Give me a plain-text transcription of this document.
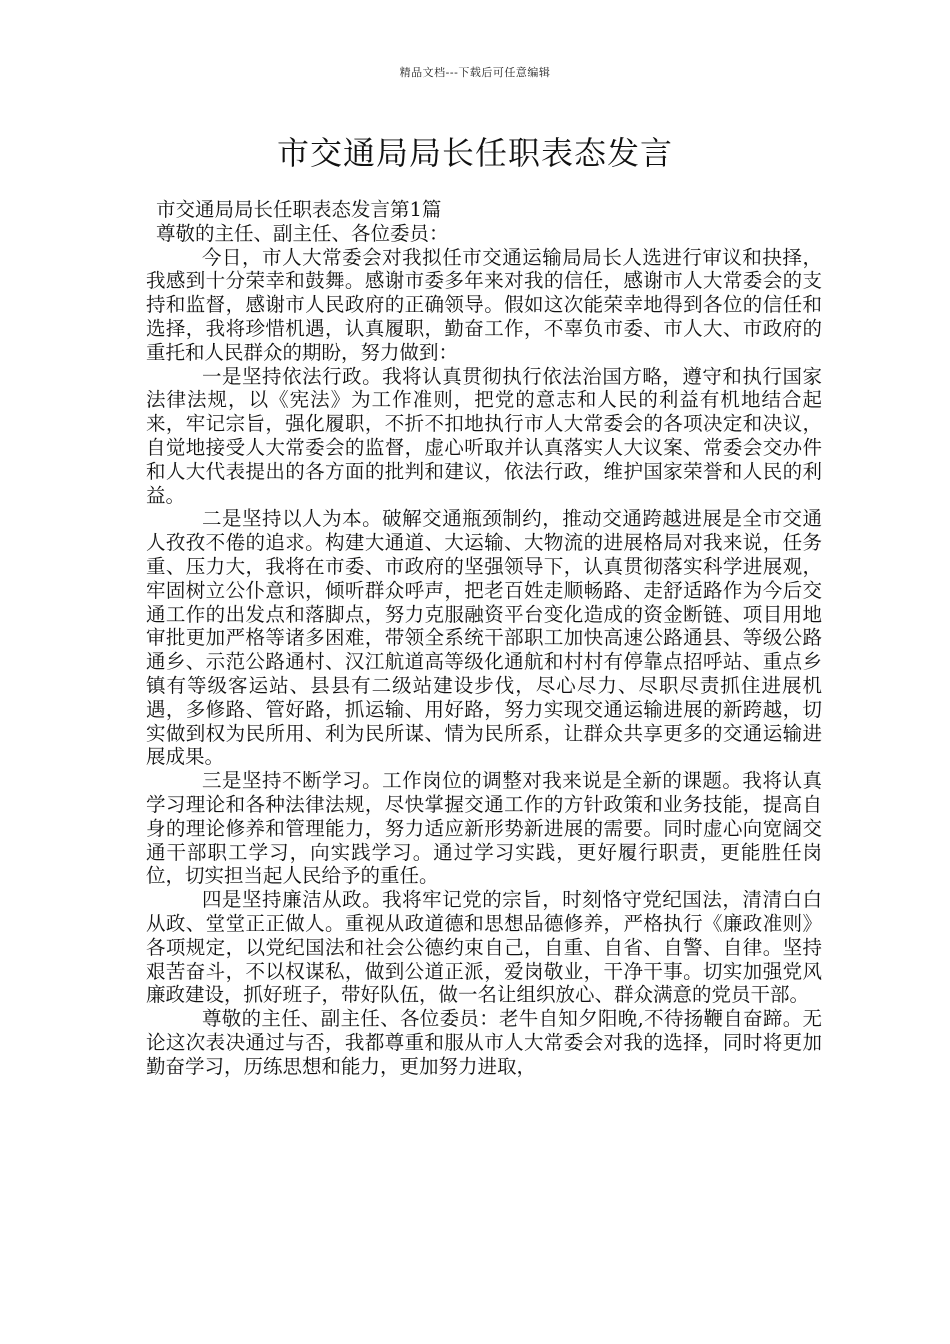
精品文档---下载后可任意编辑
市交通局局长任职表态发言

市交通局局长任职表态发言第1篇

尊敬的主任、副主任、各位委员：

今日，市人大常委会对我拟任市交通运输局局长人选进行审议和抉择，我感到十分荣幸和鼓舞。感谢市委多年来对我的信任，感谢市人大常委会的支持和监督，感谢市人民政府的正确领导。假如这次能荣幸地得到各位的信任和选择，我将珍惜机遇，认真履职，勤奋工作，不辜负市委、市人大、市政府的重托和人民群众的期盼，努力做到：

一是坚持依法行政。我将认真贯彻执行依法治国方略，遵守和执行国家法律法规，以《宪法》为工作准则，把党的意志和人民的利益有机地结合起来，牢记宗旨，强化履职，不折不扣地执行市人大常委会的各项决定和决议，自觉地接受人大常委会的监督，虚心听取并认真落实人大议案、常委会交办件和人大代表提出的各方面的批判和建议，依法行政，维护国家荣誉和人民的利益。

二是坚持以人为本。破解交通瓶颈制约，推动交通跨越进展是全市交通人孜孜不倦的追求。构建大通道、大运输、大物流的进展格局对我来说，任务重、压力大，我将在市委、市政府的坚强领导下，认真贯彻落实科学进展观，牢固树立公仆意识，倾听群众呼声，把老百姓走顺畅路、走舒适路作为今后交通工作的出发点和落脚点，努力克服融资平台变化造成的资金断链、项目用地审批更加严格等诸多困难，带领全系统干部职工加快高速公路通县、等级公路通乡、示范公路通村、汉江航道高等级化通航和村村有停靠点招呼站、重点乡镇有等级客运站、县县有二级站建设步伐，尽心尽力、尽职尽责抓住进展机遇，多修路、管好路，抓运输、用好路，努力实现交通运输进展的新跨越，切实做到权为民所用、利为民所谋、情为民所系，让群众共享更多的交通运输进展成果。

三是坚持不断学习。工作岗位的调整对我来说是全新的课题。我将认真学习理论和各种法律法规，尽快掌握交通工作的方针政策和业务技能，提高自身的理论修养和管理能力，努力适应新形势新进展的需要。同时虚心向宽阔交通干部职工学习，向实践学习。通过学习实践，更好履行职责，更能胜任岗位，切实担当起人民给予的重任。

四是坚持廉洁从政。我将牢记党的宗旨，时刻恪守党纪国法，清清白白从政、堂堂正正做人。重视从政道德和思想品德修养，严格执行《廉政准则》各项规定，以党纪国法和社会公德约束自己，自重、自省、自警、自律。坚持艰苦奋斗，不以权谋私，做到公道正派，爱岗敬业，干净干事。切实加强党风廉政建设，抓好班子，带好队伍，做一名让组织放心、群众满意的党员干部。

尊敬的主任、副主任、各位委员：老牛自知夕阳晚,不待扬鞭自奋蹄。无论这次表决通过与否，我都尊重和服从市人大常委会对我的选择，同时将更加勤奋学习，历练思想和能力，更加努力进取，
